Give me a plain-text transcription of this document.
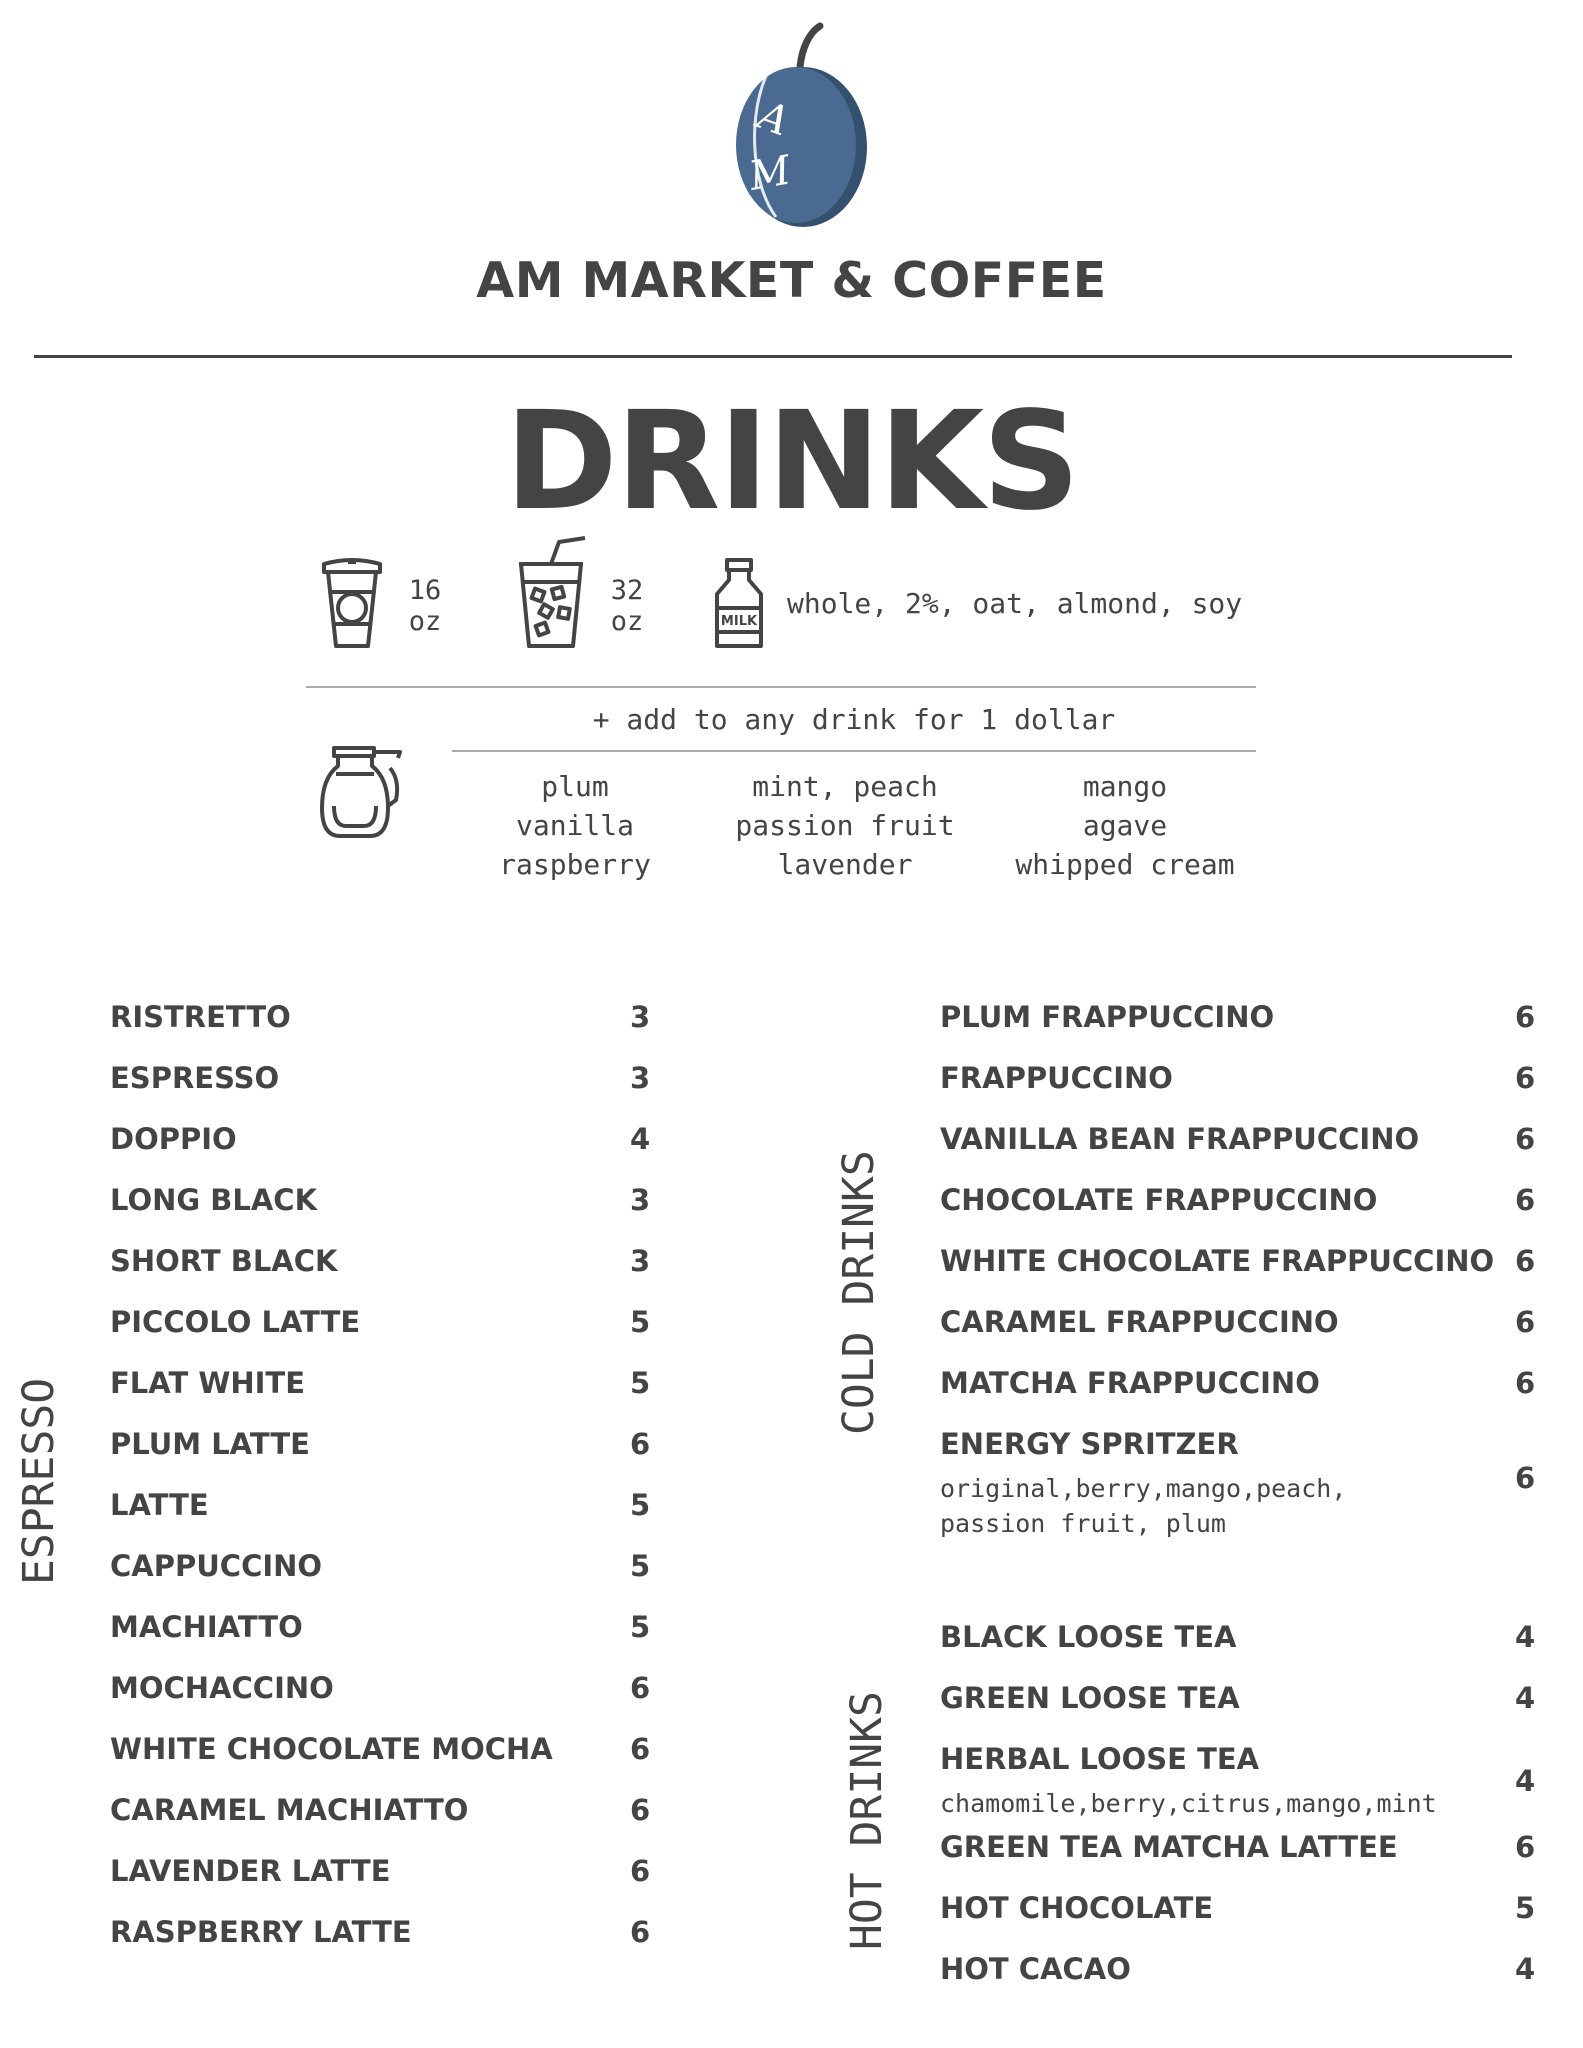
A
M
AM MARKET & COFFEE
DRINKS
16
oz
32
oz	MILK
whole, 2%, oat, almond, soy
+ add to any drink for 1 dollar
plum
vanilla
raspberry
mint, peach
passion fruit
lavender
mango
agave
whipped cream
ESPRESSO
COLD DRINKS
HOT DRINKS
RISTRETTO	3
ESPRESSO	3
DOPPIO	4
LONG BLACK	3
SHORT BLACK	3
PICCOLO LATTE	5
FLAT WHITE	5
PLUM LATTE	6
LATTE	5
CAPPUCCINO	5
MACHIATTO	5
MOCHACCINO	6
WHITE CHOCOLATE MOCHA	6
CARAMEL MACHIATTO	6
LAVENDER LATTE	6
RASPBERRY LATTE	6
PLUM FRAPPUCCINO	6
FRAPPUCCINO	6
VANILLA BEAN FRAPPUCCINO	6
CHOCOLATE FRAPPUCCINO	6
WHITE CHOCOLATE FRAPPUCCINO 6
CARAMEL FRAPPUCCINO	6
MATCHA FRAPPUCCINO	6
ENERGY SPRITZER
original,berry,mango,peach,
passion fruit, plum
6
BLACK LOOSE TEA	4
GREEN LOOSE TEA	4
HERBAL LOOSE TEA
chamomile,berry,citrus,mango,mint
4
GREEN TEA MATCHA LATTEE	6
HOT CHOCOLATE	5
HOT CACAO	4
